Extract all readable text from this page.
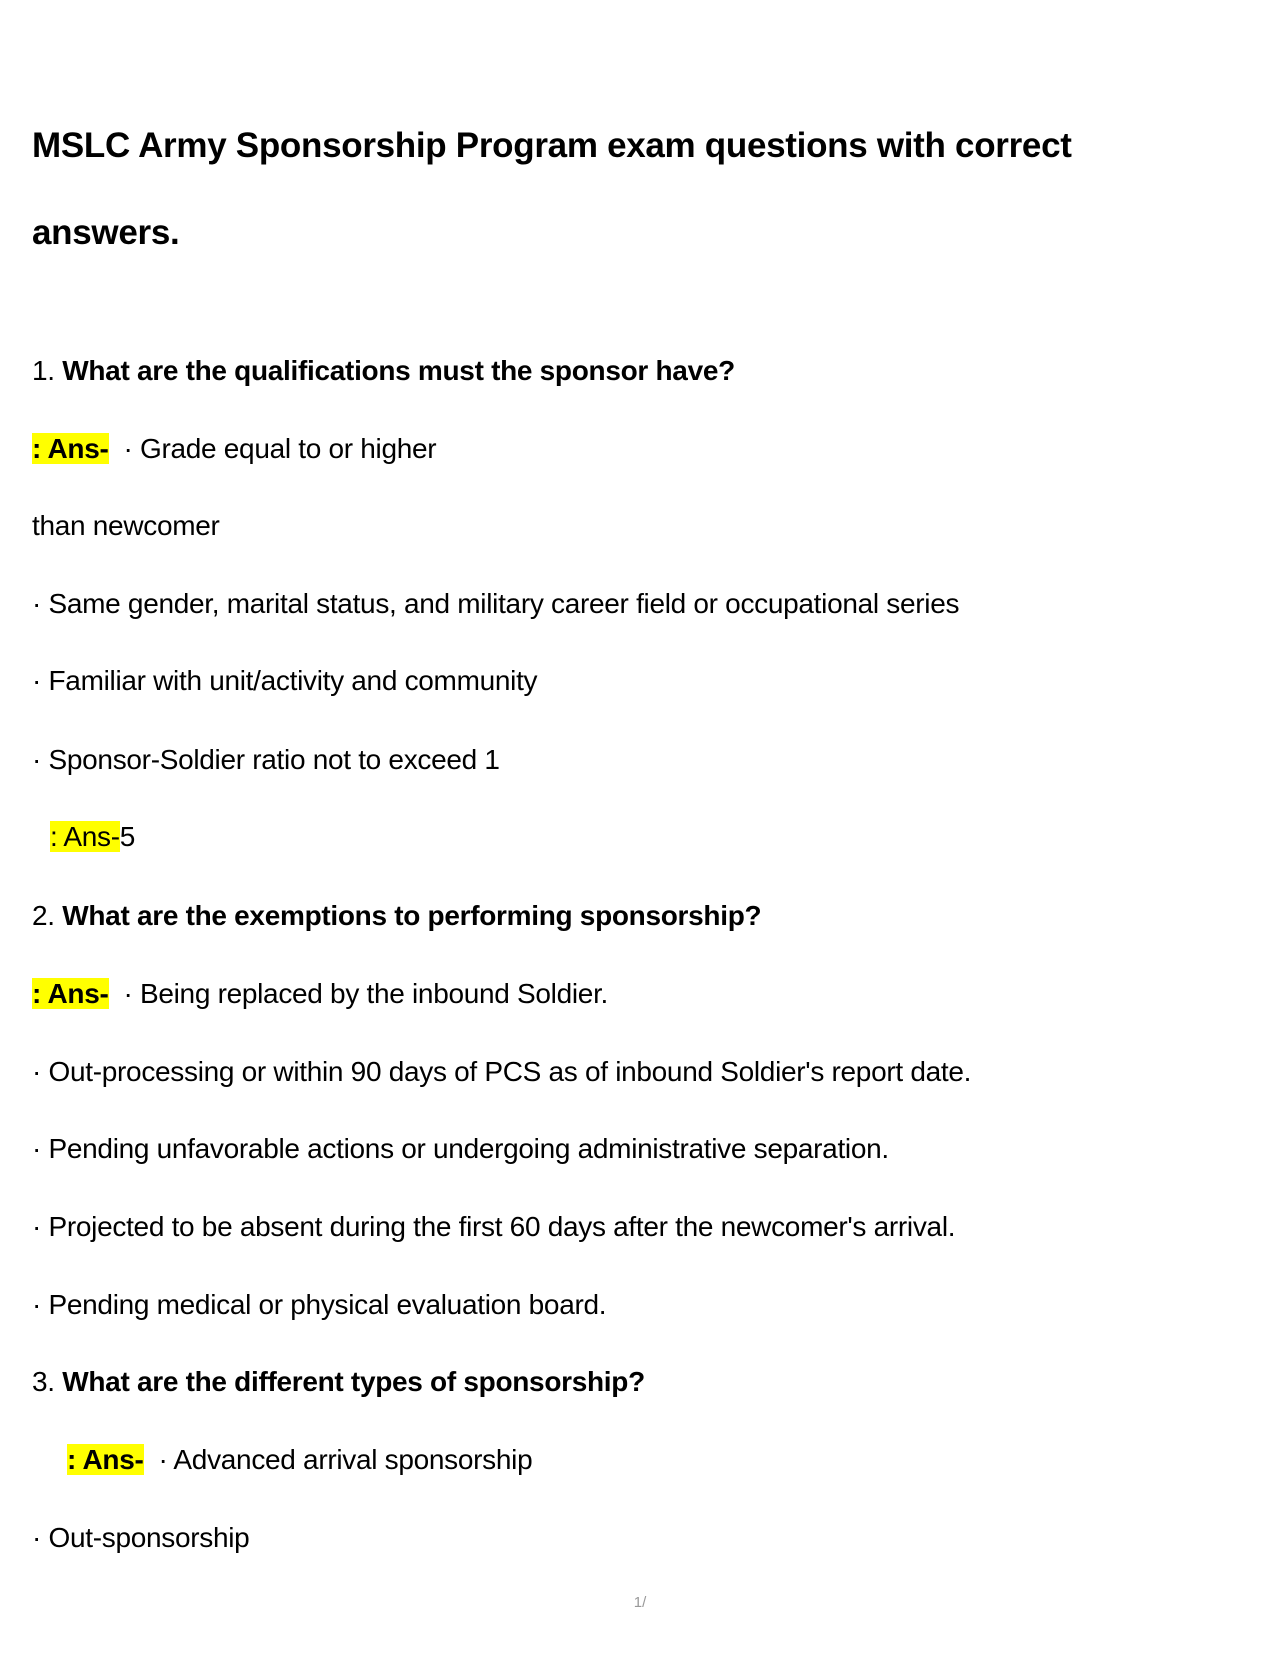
MSLC Army Sponsorship Program exam questions with correct
answers.
1. What are the qualifications must the sponsor have?
: Ans- · Grade equal to or higher
than newcomer
· Same gender, marital status, and military career field or occupational series
· Familiar with unit/activity and community
· Sponsor-Soldier ratio not to exceed 1
: Ans-5
2. What are the exemptions to performing sponsorship?
: Ans- · Being replaced by the inbound Soldier.
· Out-processing or within 90 days of PCS as of inbound Soldier's report date.
· Pending unfavorable actions or undergoing administrative separation.
· Projected to be absent during the first 60 days after the newcomer's arrival.
· Pending medical or physical evaluation board.
3. What are the different types of sponsorship?
: Ans- · Advanced arrival sponsorship
· Out-sponsorship
1/
